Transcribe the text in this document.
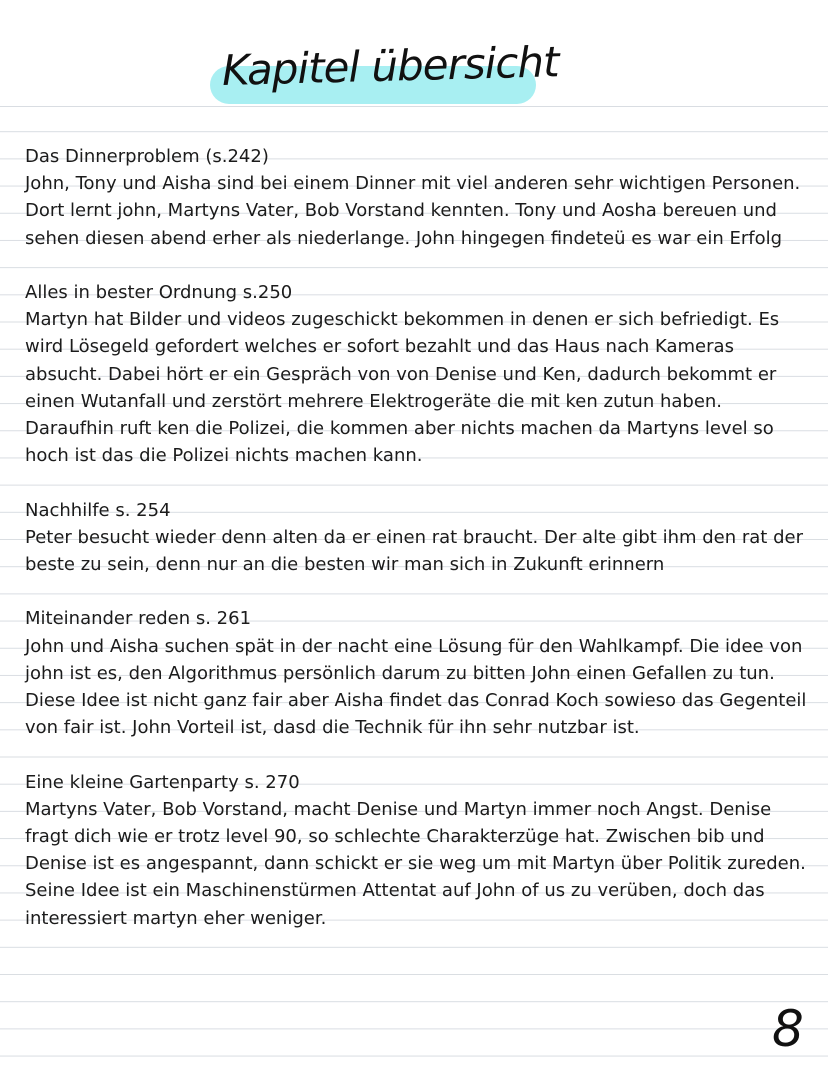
Kapitel übersicht

Das Dinnerproblem (s.242)

John, Tony und Aisha sind bei einem Dinner mit viel anderen sehr wichtigen Personen. Dort lernt john, Martyns Vater, Bob Vorstand kennten. Tony und Aosha bereuen und sehen diesen abend erher als niederlange. John hingegen findeteü es war ein Erfolg

Alles in bester Ordnung s.250

Martyn hat Bilder und videos zugeschickt bekommen in denen er sich befriedigt. Es wird Lösegeld gefordert welches er sofort bezahlt und das Haus nach Kameras absucht. Dabei hört er ein Gespräch von von Denise und Ken, dadurch bekommt er einen Wutanfall und zerstört mehrere Elektrogeräte die mit ken zutun haben. Daraufhin ruft ken die Polizei, die kommen aber nichts machen da Martyns level so hoch ist das die Polizei nichts machen kann.

Nachhilfe s. 254

Peter besucht wieder denn alten da er einen rat braucht. Der alte gibt ihm den rat der beste zu sein, denn nur an die besten wir man sich in Zukunft erinnern

Miteinander reden s. 261

John und Aisha suchen spät in der nacht eine Lösung für den Wahlkampf. Die idee von john ist es, den Algorithmus persönlich darum zu bitten John einen Gefallen zu tun. Diese Idee ist nicht ganz fair aber Aisha findet das Conrad Koch sowieso das Gegenteil von fair ist. John Vorteil ist, dasd die Technik für ihn sehr nutzbar ist.

Eine kleine Gartenparty s. 270

Martyns Vater, Bob Vorstand, macht Denise und Martyn immer noch Angst. Denise fragt dich wie er trotz level 90, so schlechte Charakterzüge hat. Zwischen bib und Denise ist es angespannt, dann schickt er sie weg um mit Martyn über Politik zureden. Seine Idee ist ein Maschinenstürmen Attentat auf John of us zu verüben, doch das interessiert martyn eher weniger.

8
